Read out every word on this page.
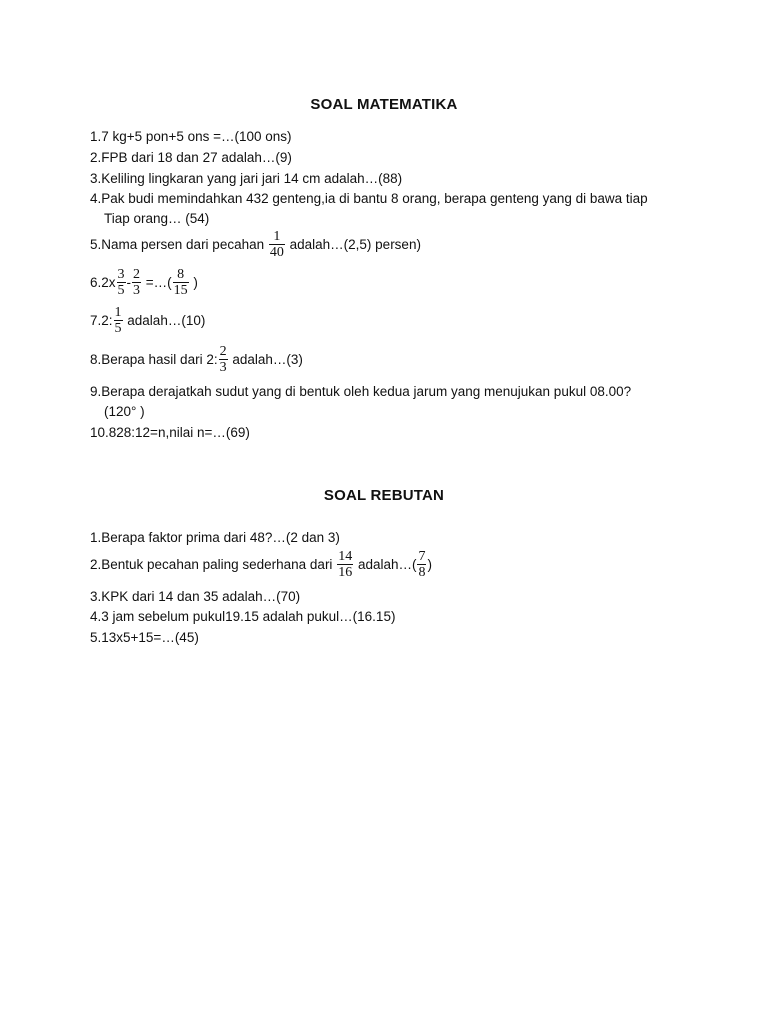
SOAL MATEMATIKA
1.7 kg+5 pon+5 ons =…(100 ons)
2.FPB dari 18 dan 27 adalah…(9)
3.Keliling lingkaran yang jari jari 14 cm adalah…(88)
4.Pak budi memindahkan 432 genteng,ia di bantu 8 orang, berapa genteng yang di bawa tiap
Tiap orang… (54)
5.Nama persen dari pecahan $\frac{1}{40}$ adalah…(2,5) persen)
$6.2x \frac{3}{5} - \frac{2}{3}$ =…( $\frac{8}{15}$ )
7.2: $\frac{1}{5}$ adalah…(10)
8.Berapa hasil dari 2: $\frac{2}{3}$ adalah…(3)
9.Berapa derajatkah sudut yang di bentuk oleh kedua jarum yang menujukan pukul 08.00?
(120° )
10.828:12=n,nilai n=…(69)
SOAL REBUTAN
1.Berapa faktor prima dari 48?…(2 dan 3)
2.Bentuk pecahan paling sederhana dari $\frac{14}{16}$ adalah…( $\frac{7}{8}$ )
3.KPK dari 14 dan 35 adalah…(70)
4.3 jam sebelum pukul19.15 adalah pukul…(16.15)
5.13x5+15=…(45)
